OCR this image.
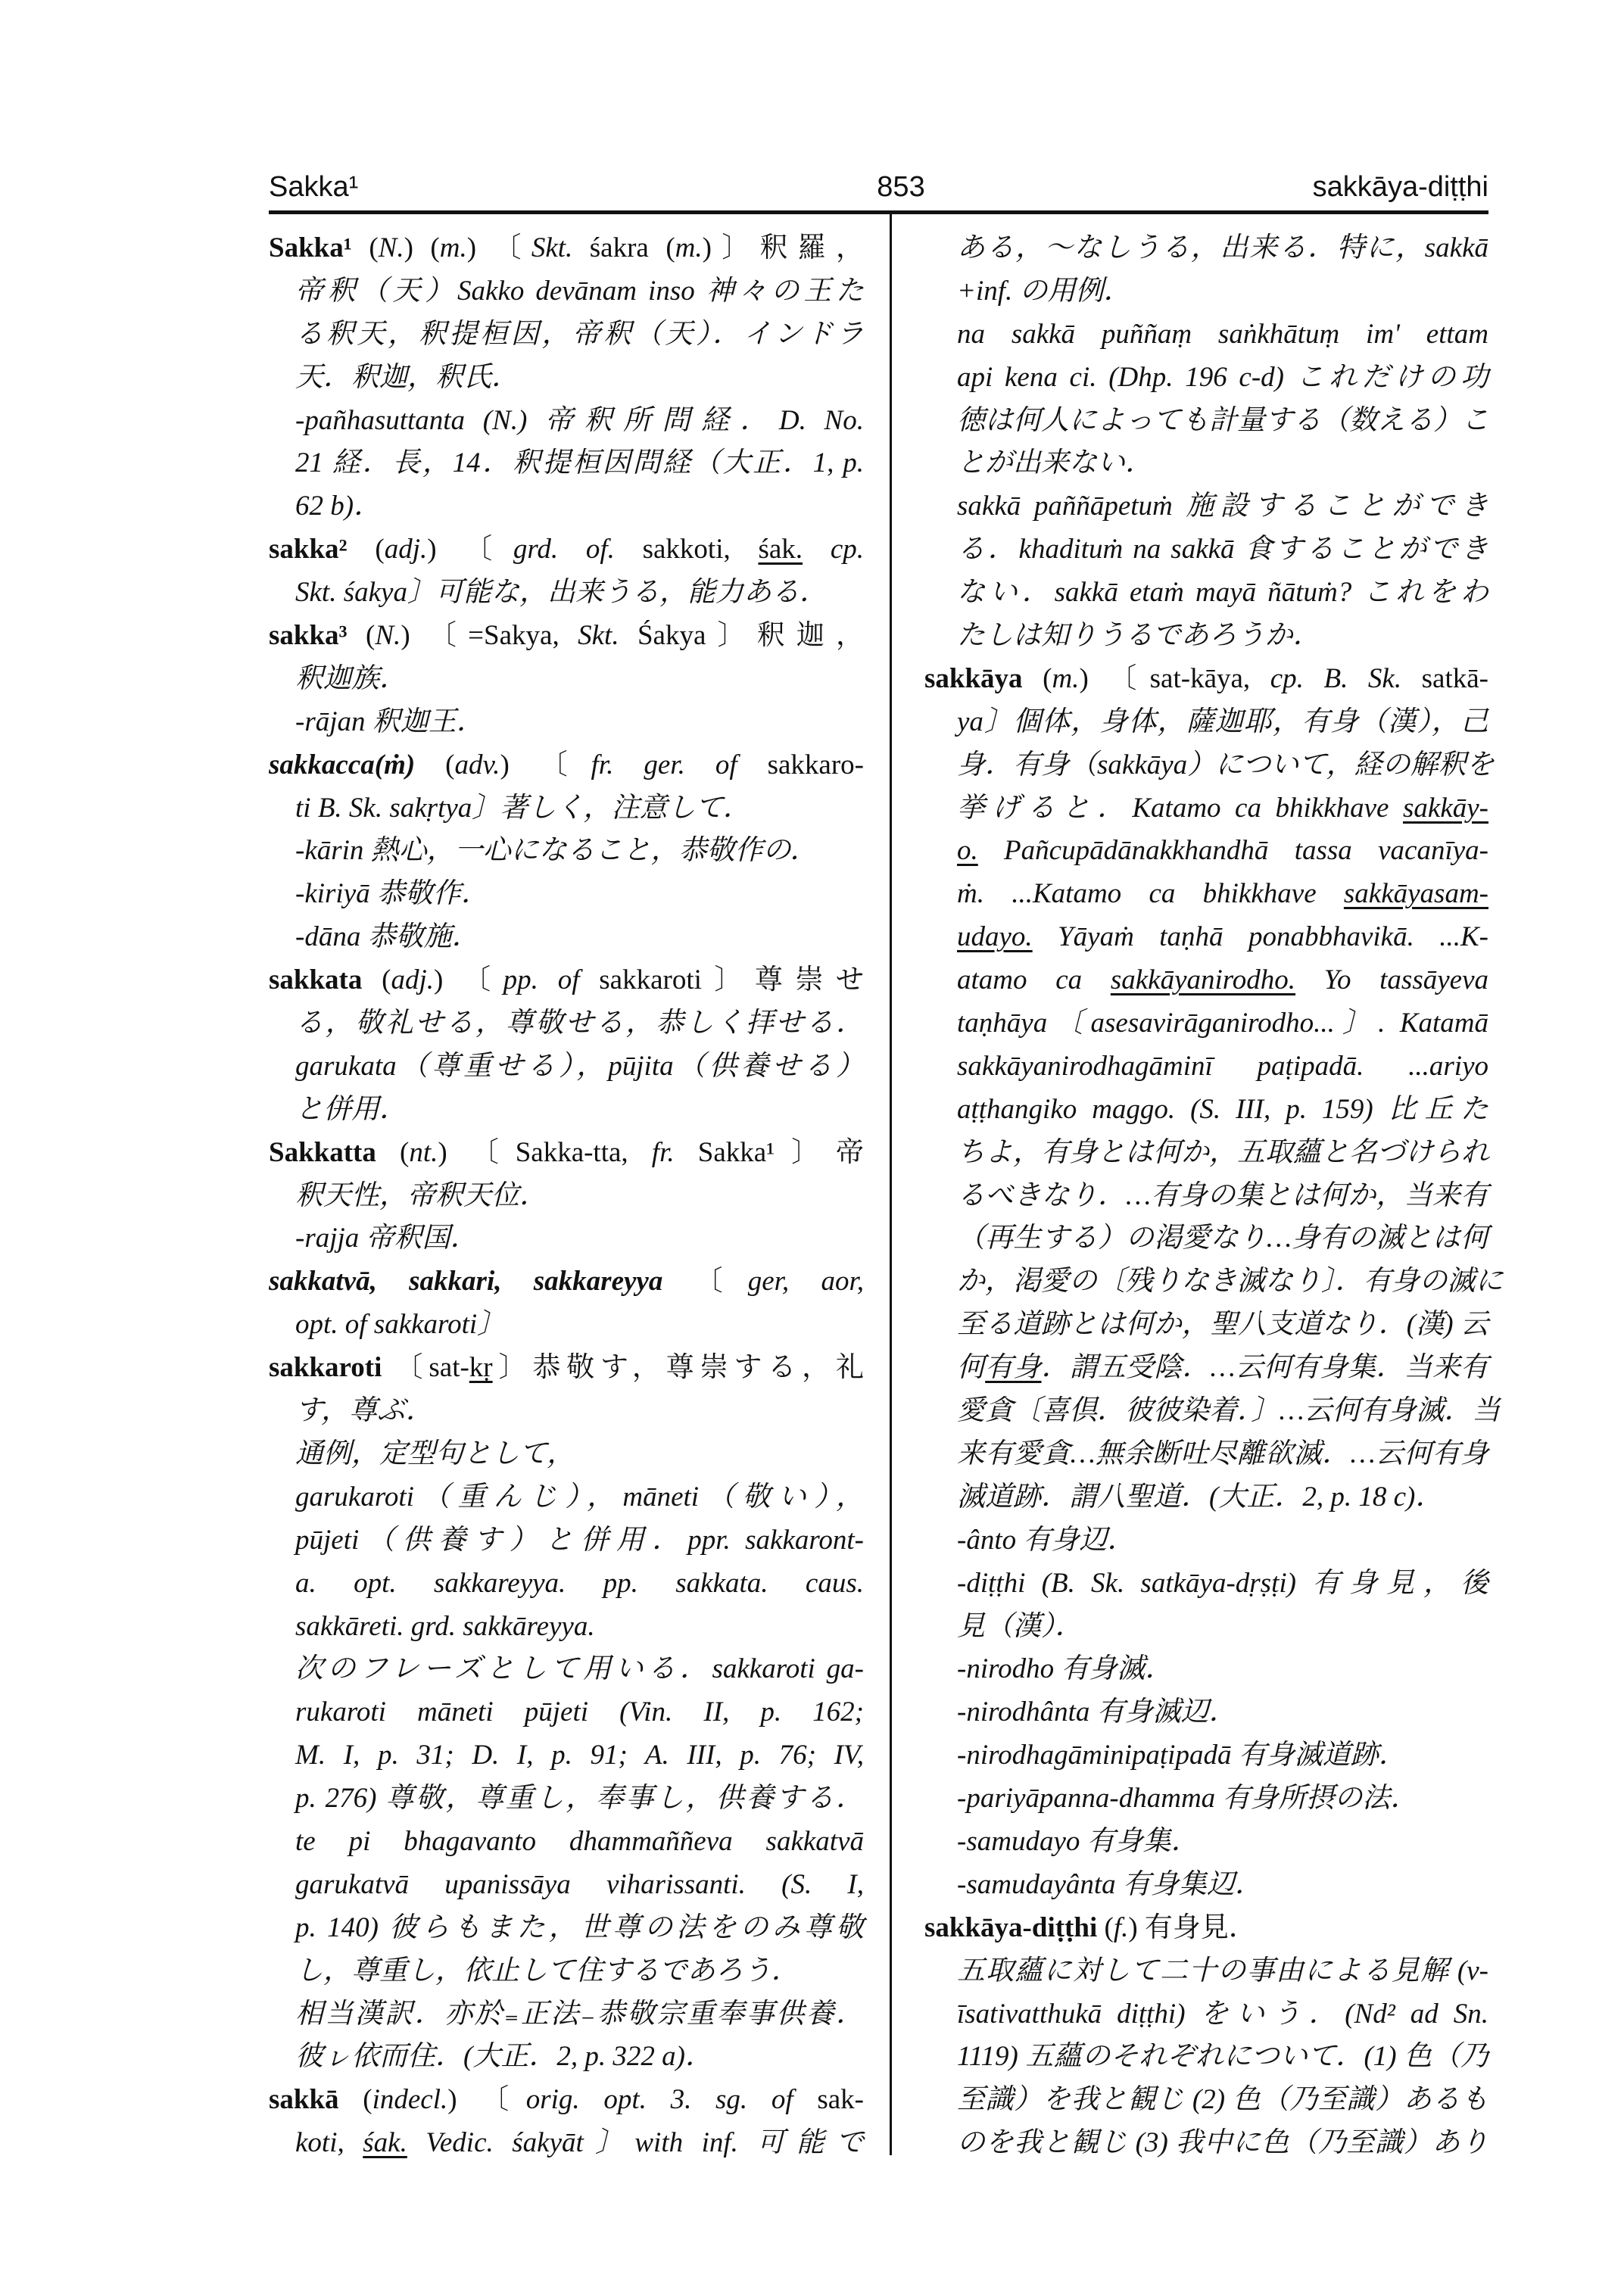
Sakka¹	853	sakkāya-diṭṭhi
Sakka¹ (N.) (m.) 〔Skt. śakra (m.)〕釈羅，
帝釈（天）Sakko devānam inso 神々の王た
る釈天，釈提桓因，帝釈（天）．インドラ
天．釈迦，釈氏．
-pañhasuttanta (N.) 帝釈所問経．D. No.
21 経．長，14．釈提桓因問経（大正．1, p.
62 b)．
sakka² (adj.) 〔grd. of. sakkoti, śak. cp.
Skt. śakya〕可能な，出来うる，能力ある．
sakka³ (N.) 〔=Sakya, Skt. Śakya〕釈迦，
釈迦族．
-rājan 釈迦王．
sakkacca(ṁ) (adv.) 〔fr. ger. of sakkaro-
ti B. Sk. sakṛtya〕著しく，注意して．
-kārin 熱心，一心になること，恭敬作の．
-kiriyā 恭敬作．
-dāna 恭敬施．
sakkata (adj.) 〔pp. of sakkaroti〕尊崇せ
る，敬礼せる，尊敬せる，恭しく拝せる．
garukata（尊重せる），pūjita（供養せる）
と併用．
Sakkatta (nt.) 〔Sakka-tta, fr. Sakka¹〕帝
釈天性，帝釈天位．
-rajja 帝釈国．
sakkatvā, sakkari, sakkareyya 〔ger, aor,
opt. of sakkaroti〕
sakkaroti 〔sat-kṛ〕恭敬す，尊崇する，礼
す，尊ぶ．
通例，定型句として，
garukaroti（重んじ），māneti（敬い），
pūjeti（供養す）と併用．ppr. sakkaront-
a. opt. sakkareyya. pp. sakkata. caus.
sakkāreti. grd. sakkāreyya.
次のフレーズとして用いる．sakkaroti ga-
rukaroti māneti pūjeti (Vin. II, p. 162;
M. I, p. 31; D. I, p. 91; A. III, p. 76; IV,
p. 276) 尊敬，尊重し，奉事し，供養する．
te pi bhagavanto dhammaññeva sakkatvā
garukatvā upanissāya viharissanti. (S. I,
p. 140) 彼らもまた，世尊の法をのみ尊敬
し，尊重し，依止して住するであろう．
相当漢訳．亦於₌正法₋恭敬宗重奉事供養．
彼ㇾ依而住．(大正．2, p. 322 a)．
sakkā (indecl.) 〔orig. opt. 3. sg. of sak-
koti, śak. Vedic. śakyāt〕with inf. 可能で
ある，～なしうる，出来る．特に，sakkā
+inf. の用例．
na sakkā puññaṃ saṅkhātuṃ im' ettam
api kena ci. (Dhp. 196 c-d) これだけの功
徳は何人によっても計量する（数える）こ
とが出来ない．
sakkā paññāpetuṁ 施設することができ
る．khadituṁ na sakkā 食することができ
ない．sakkā etaṁ mayā ñātuṁ? これをわ
たしは知りうるであろうか．
sakkāya (m.) 〔sat-kāya, cp. B. Sk. satkā-
ya〕個体，身体，薩迦耶，有身（漢），己
身．有身（sakkāya）について，経の解釈を
挙げると．Katamo ca bhikkhave sakkāy-
o. Pañcupādānakkhandhā tassa vacanīya-
ṁ. ...Katamo ca bhikkhave sakkāyasam-
udayo. Yāyaṁ taṇhā ponabbhavikā. ...K-
atamo ca sakkāyanirodho. Yo tassāyeva
taṇhāya〔asesavirāganirodho...〕. Katamā
sakkāyanirodhagāminī paṭipadā. ...ariyo
aṭṭhangiko maggo. (S. III, p. 159) 比丘た
ちよ，有身とは何か，五取蘊と名づけられ
るべきなり．…有身の集とは何か，当来有
（再生する）の渇愛なり…身有の滅とは何
か，渇愛の〔残りなき滅なり〕．有身の滅に
至る道跡とは何か，聖八支道なり．(漢) 云
何有身．謂五受陰．…云何有身集．当来有
愛貪〔喜倶．彼彼染着．〕…云何有身滅．当
来有愛貪…無余断吐尽離欲滅．…云何有身
滅道跡．謂八聖道．(大正．2, p. 18 c)．
-ânto 有身辺．
-diṭṭhi (B. Sk. satkāya-dṛṣṭi) 有身見，後
見（漢）．
-nirodho 有身滅．
-nirodhânta 有身滅辺．
-nirodhagāminipaṭipadā 有身滅道跡．
-pariyāpanna-dhamma 有身所摂の法．
-samudayo 有身集．
-samudayânta 有身集辺．
sakkāya-diṭṭhi (f.) 有身見．
五取蘊に対して二十の事由による見解 (v-
īsativatthukā diṭṭhi) をいう．(Nd² ad Sn.
1119) 五蘊のそれぞれについて．(1) 色（乃
至識）を我と観じ (2) 色（乃至識）あるも
のを我と観じ (3) 我中に色（乃至識）あり
